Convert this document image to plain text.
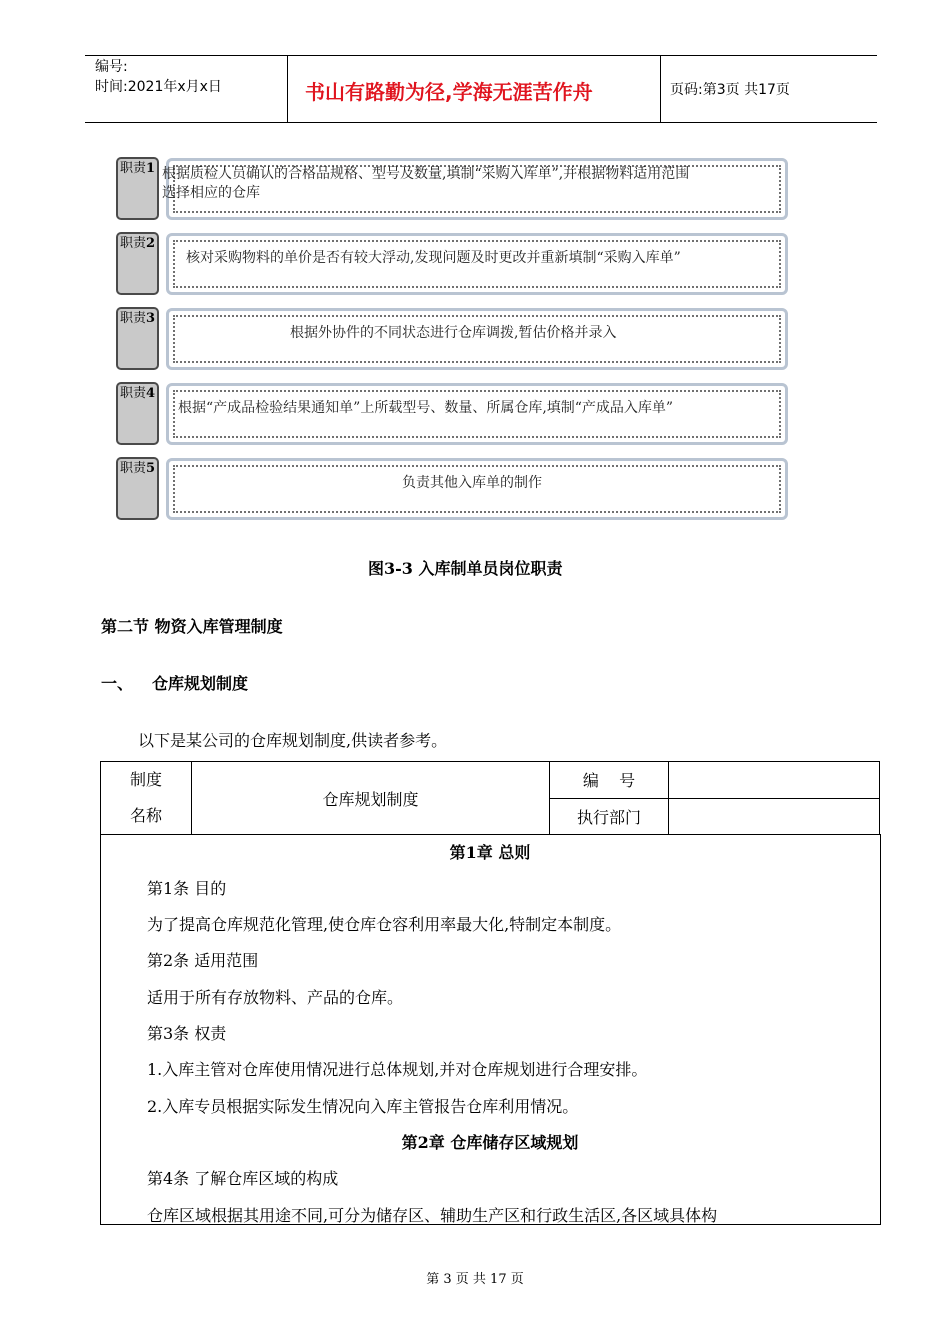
编号:
时间:2021年x月x日	书山有路勤为径,学海无涯苦作舟	页码:第3页 共17页
职责1 根据质检人员确认的合格品规格、型号及数量,填制“采购入库单”,并根据物料适用范围
选择相应的仓库
职责2
核对采购物料的单价是否有较大浮动,发现问题及时更改并重新填制“采购入库单”
职责3
根据外协件的不同状态进行仓库调拨,暂估价格并录入
职责4
根据“产成品检验结果通知单”上所载型号、数量、所属仓库,填制“产成品入库单”
职责5
负责其他入库单的制作
图3-3 入库制单员岗位职责
第二节 物资入库管理制度
一、 仓库规划制度
以下是某公司的仓库规划制度,供读者参考。
制度
名称	仓库规划制度	编    号	
		执行部门	
第1章 总则
第1条 目的
为了提高仓库规范化管理,使仓库仓容利用率最大化,特制定本制度。
第2条 适用范围
适用于所有存放物料、产品的仓库。
第3条 权责
1.入库主管对仓库使用情况进行总体规划,并对仓库规划进行合理安排。
2.入库专员根据实际发生情况向入库主管报告仓库利用情况。
第2章 仓库储存区域规划
第4条 了解仓库区域的构成
仓库区域根据其用途不同,可分为储存区、辅助生产区和行政生活区,各区域具体构
第 3 页 共 17 页
